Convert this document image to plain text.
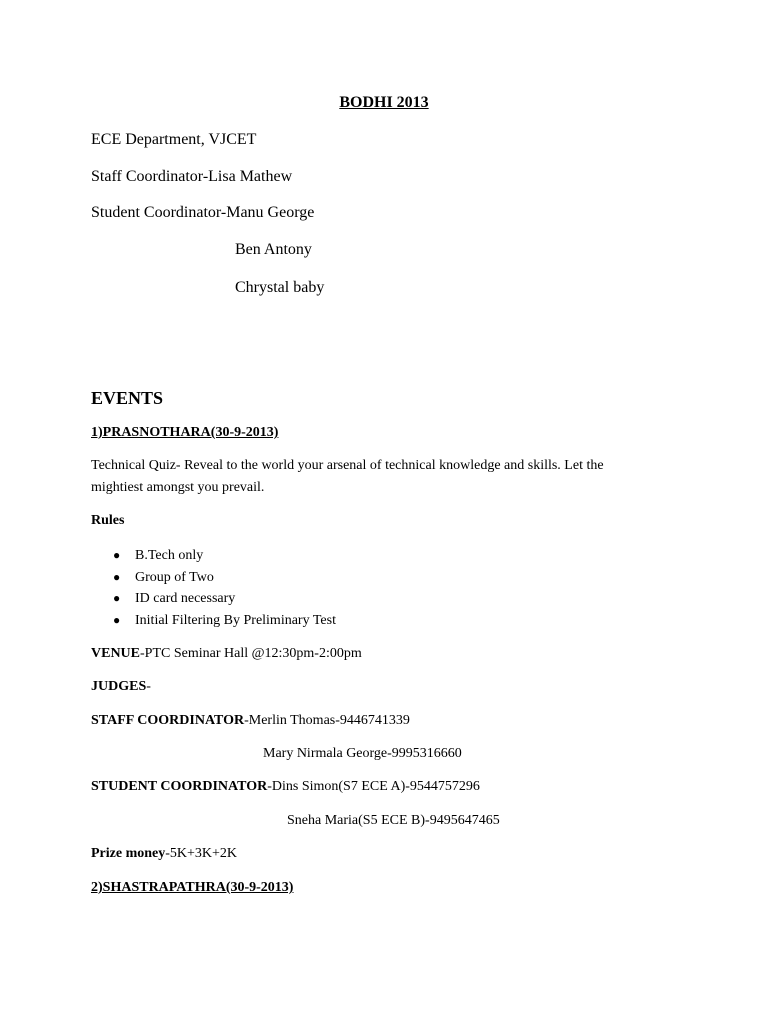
BODHI 2013
ECE Department, VJCET
Staff Coordinator-Lisa Mathew
Student Coordinator-Manu George
Ben Antony
Chrystal baby
EVENTS
1)PRASNOTHARA(30-9-2013)
Technical Quiz- Reveal to the world your arsenal of technical knowledge and skills. Let the
mightiest amongst you prevail.
Rules
● B.Tech only
● Group of Two
● ID card necessary
● Initial Filtering By Preliminary Test
VENUE-PTC Seminar Hall @12:30pm-2:00pm
JUDGES-
STAFF COORDINATOR-Merlin Thomas-9446741339
Mary Nirmala George-9995316660
STUDENT COORDINATOR-Dins Simon(S7 ECE A)-9544757296
Sneha Maria(S5 ECE B)-9495647465
Prize money-5K+3K+2K
2)SHASTRAPATHRA(30-9-2013)
